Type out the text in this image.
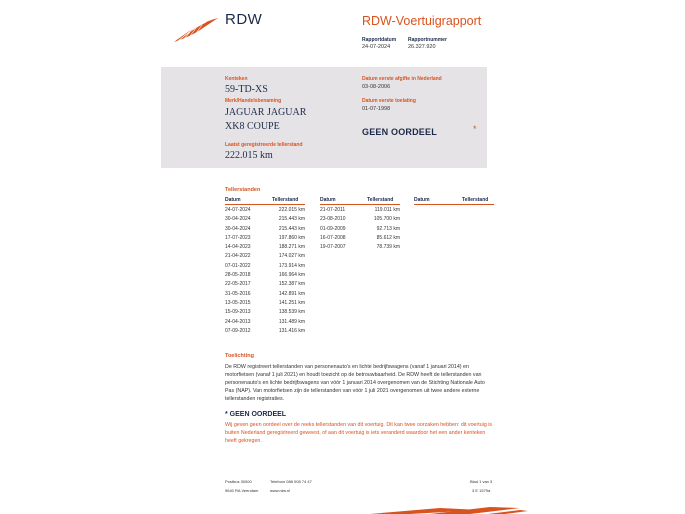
RDW	RDW-Voertuigrapport
Rapportdatum
24-07-2024
Rapportnummer
26.327.920
Kenteken
59-TD-XS
Merk/Handelsbenaming
JAGUAR JAGUAR
XK8 COUPE
Laatst geregistreerde tellerstand
222.015 km
Datum eerste afgifte in Nederland
03-08-2006
Datum eerste toelating
01-07-1998
GEEN OORDEEL	*
Tellerstanden
Datum	Tellerstand	Datum	Tellerstand	Datum	Tellerstand
24-07-2024	222.015 km
30-04-2024	215.443 km
30-04-2024	215.443 km
17-07-2023	197.860 km
14-04-2023	188.271 km
21-04-2022	174.027 km
07-01-2022	173.914 km
28-05-2018	166.964 km
22-05-2017	152.387 km
31-05-2016	142.891 km
13-05-2015	141.251 km
15-09-2013	138.539 km
24-04-2013	131.489 km
07-09-2012	131.416 km
21-07-2011	119.011 km
23-08-2010	105.700 km
01-09-2009	92.713 km
16-07-2008	85.612 km
19-07-2007	78.739 km
Toelichting
De RDW registreert tellerstanden van personenauto's en lichte bedrijfswagens (vanaf 1 januari 2014) en motorfietsen (vanaf 1 juli 2021) en houdt toezicht op de betrouwbaarheid. De RDW heeft de tellerstanden van personenauto's en lichte bedrijfswagens van vóór 1 januari 2014 overgenomen van de Stichting Nationale Auto Pas (NAP). Van motorfietsen zijn de tellerstanden van vóór 1 juli 2021 overgenomen uit twee andere externe tellerstanden registraties.
* GEEN OORDEEL
Wij geven geen oordeel over de reeks tellerstanden van dit voertuig. Dit kan twee oorzaken hebben: dit voertuig is buiten Nederland geregistreerd geweest, of aan dit voertuig is iets veranderd waardoor het een ander kenteken heeft gekregen.
Postbus 30000
9640 RA Veendam
Telefoon 088 008 74 47
www.rdw.nl
Blad 1 van 3
3 E 1579a
